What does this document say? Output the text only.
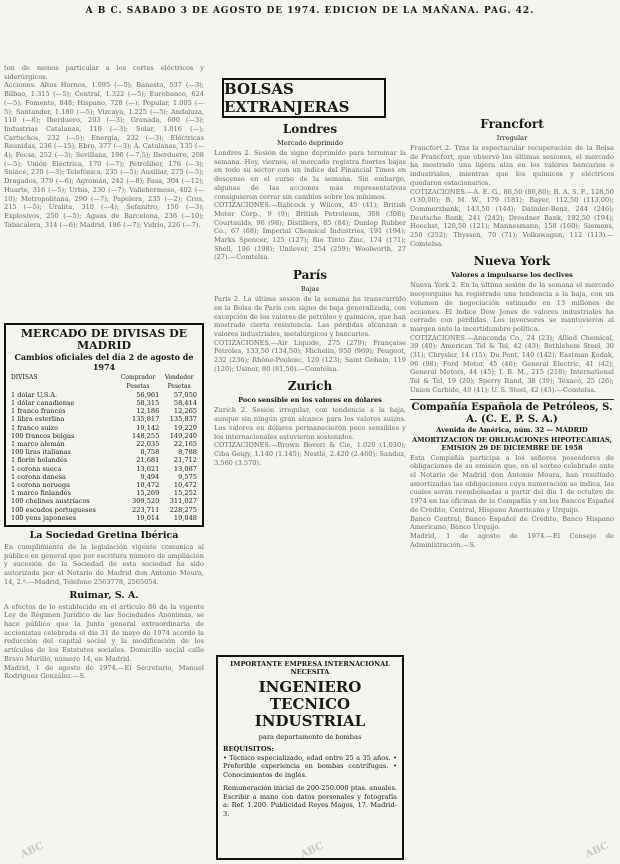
A B C. SABADO 3 DE AGOSTO DE 1974. EDICION DE LA MAÑANA. PAG. 42.

ton de menos particular a los cortes eléctricos y siderúrgicos.

Acciones: Altos Hornos, 1.095 (—5); Banesto, 537 (—3); Bilbao, 1.315 (—5); Central, 1.322 (—5); Eurobanco, 624 (—5); Fomento, 848; Hispano, 728 (—); Popular, 1.005 (—5); Santander, 1.180 (—5); Vizcaya, 1.225 (—5); Andaluza, 110 (—6); Iberduero, 203 (—3); Granada, 600 (—3); Industrias Catalanas, 110 (—3); Solar, 1.016 (—); Cartuchos, 232 (—5); Energía, 232 (—3); Eléctricas Reunidas, 236 (—15); Ebro, 377 (—3); A. Catalanas, 135 (—4); Fecsa, 252 (—3); Sevillana, 196 (—7,5); Iberduero, 208 (—5); Unión Eléctrica, 170 (—7); Petroliber, 176 (—3); Sniace, 270 (—3); Telefónica, 235 (—5); Auxiliar, 275 (—5); Dragados, 379 (—6); Agromán, 242 (—8); Fasa, 304 (—12); Huarte, 316 (—5); Urbis, 230 (—7); Vallehermoso, 402 (—10); Metropolitana, 290 (—7); Papelera, 235 (—2); Cros, 215 (—5); Uralita, 310 (—4); Sefanitro, 150 (—3); Explosivos, 250 (—5); Aguas de Barcelona, 236 (—10); Tabacalera, 314 (—6); Madrid, 186 (—7); Vidrio, 226 (—7).

MERCADO DE DIVISAS DE MADRID
Cambios oficiales del día 2 de agosto de 1974
DIVISAS	Comprador	Vendedor
	Pesetas	Pesetas
1 dólar U.S.A.	56,961	57,050
1 dólar canadiense	58,315	58,414
1 franco francés	12,186	12,265
1 libra esterlina	135,817	135,837
1 franco suizo	19,142	19,229
100 francos belgas	148,255	149,240
1 marco alemán	22,035	22,165
100 liras italianas	8,758	8,788
1 florín holandés	21,681	21,712
1 corona sueca	13,021	13,087
1 corona danesa	9,494	9,575
1 corona noruega	10,472	10,472
1 marco finlandés	15,269	15,252
100 chelines austríacos	309,520	311,027
100 escudos portugueses	223,711	228,275
100 yens japoneses	19,014	19,048
La Sociedad Gretina Ibérica

En cumplimiento de la legislación vigente comunica al público en general que por escritura número de ampliación y sucesión de la Sociedad de esta sociedad ha sido autorizada por el Notario de Madrid don Antonio Moura, 14, 2.º.—Madrid, Teléfono 2563778, 2565054.

Ruimar, S. A.

A efectos de lo establecido en el artículo 86 de la vigente Ley de Régimen Jurídico de las Sociedades Anónimas, se hace público que la Junta general extraordinaria de accionistas celebrada el día 31 de mayo de 1974 acordó la reducción del capital social y la modificación de los artículos de los Estatutos sociales. Domicilio social calle Bravo Murillo, número 14, en Madrid.

Madrid, 1 de agosto de 1974.—El Secretario, Manuel Rodríguez González.—S.

BOLSAS EXTRANJERAS
Londres
Mercado deprimido

Londres 2. Sesión de signo deprimido para terminar la semana. Hoy, viernes, el mercado registra fuertes bajas en todo su sector con un índice del Financial Times en descenso en el curso de la semana. Sin embargo, algunas de las acciones más representativas consiguieron cerrar sin cambios sobre los mínimos.

COTIZACIONES.—Babcock y Wilcox, 45 (41); British Motor Corp., 9 (9); British Petroleum, 308 (308); Courtaulds, 96 (98); Distillers, 85 (84); Dunlop Rubber Co., 67 (68); Imperial Chemical Industries, 191 (194); Marks Spencer, 125 (127); Rio Tinto Zinc, 174 (171); Shell, 196 (198); Unilever, 254 (259); Woolworth, 27 (27).—Comtelsa.

París
Bajas

París 2. La última sesión de la semana ha transcurrido en la Bolsa de París con signo de baja generalizada, con excepción de los valores de petróleo y químicos, que han mostrado cierta resistencia. Las pérdidas alcanzan a valores industriales, metalúrgicos y bancarios.

COTIZACIONES.—Air Liquide, 275 (279); Française Pétroles, 133,50 (134,50); Michelin, 950 (969); Peugeot, 232 (236); Rhône-Poulenc, 120 (123); Saint Gobain, 119 (120); Usinor, 80 (81,50).—Comtelsa.

Zurich
Poco sensible en los valores en dólares

Zurich 2. Sesión irregular, con tendencia a la baja, aunque sin ningún gran alcance para los valores suizos. Los valores en dólares permanecieron poco sensibles y los internacionales estuvieron sostenidos.

COTIZACIONES.—Brown Boveri & Cie, 1.020 (1.030); Ciba Geigy, 1.140 (1.145); Nestlé, 2.420 (2.460); Sandoz, 3.560 (3.570).

IMPORTANTE EMPRESA INTERNACIONAL NECESITA
INGENIERO TECNICO INDUSTRIAL
para departamento de bombas
REQUISITOS:

• Técnico especializado, edad entre 25 a 35 años. • Preferible experiencia en bombas centrífugas. • Conocimientos de inglés.

Remuneración inicial de 200-250.000 ptas. anuales. Escribir a mano con datos personales y fotografía a: Ref. 1.200. Publicidad Reyes Magos, 17. Madrid-3.

Francfort
Irregular

Francfort 2. Tras la espectacular recuperación de la Bolsa de Francfort, que observó las últimas sesiones, el mercado ha mostrado una ligera alza en los valores bancarios e industriales, mientras que los químicos y eléctricos quedaron estacionarios.

COTIZACIONES.—A. E. G., 86,50 (86,80); B. A. S. F., 128,50 (130,00); B. M. W., 179 (181); Bayer, 112,50 (113,00); Commerzbank, 143,50 (144); Daimler-Benz, 244 (246); Deutsche Bank, 241 (242); Dresdner Bank, 192,50 (194); Hoechst, 120,50 (121); Mannesmann, 158 (160); Siemens, 250 (252); Thyssen, 70 (71); Volkswagen, 112 (113).—Comtelsa.

Nueva York
Valores a impulsarse los declives

Nueva York 2. En la última sesión de la semana el mercado neoyorquino ha registrado una tendencia a la baja, con un volumen de negociación estimado en 13 millones de acciones. El índice Dow Jones de valores industriales ha cerrado con pérdidas. Los inversores se mantuvieron al margen ante la incertidumbre política.

COTIZACIONES.—Anaconda Co., 24 (23); Allied Chemical, 39 (40); American Tel & Tel, 42 (43); Bethlehem Steel, 30 (31); Chrysler, 14 (15); Du Pont, 140 (142); Eastman Kodak, 96 (98); Ford Motor, 45 (46); General Electric, 41 (42); General Motors, 44 (45); I. B. M., 215 (218); International Tel & Tel, 19 (20); Sperry Rand, 38 (39); Texaco, 25 (26); Union Carbide, 40 (41); U. S. Steel, 42 (43).—Comtelsa.

Compañía Española de Petróleos, S. A. (C. E. P. S. A.)
Avenida de América, núm. 32 — MADRID
AMORTIZACION DE OBLIGACIONES HIPOTECARIAS, EMISION 29 DE DICIEMBRE DE 1958

Esta Compañía participa a los señores poseedores de obligaciones de su emisión que, en el sorteo celebrado ante el Notario de Madrid don Antonio Moura, han resultado amortizadas las obligaciones cuya numeración se indica, las cuales serán reembolsadas a partir del día 1 de octubre de 1974 en las oficinas de la Compañía y en los Bancos Español de Crédito, Central, Hispano Americano y Urquijo.

Banco Central, Banco Español de Crédito, Banco Hispano Americano, Banco Urquijo.

Madrid, 1 de agosto de 1974.—El Consejo de Administración.—S.

ABC	ABC	ABC
